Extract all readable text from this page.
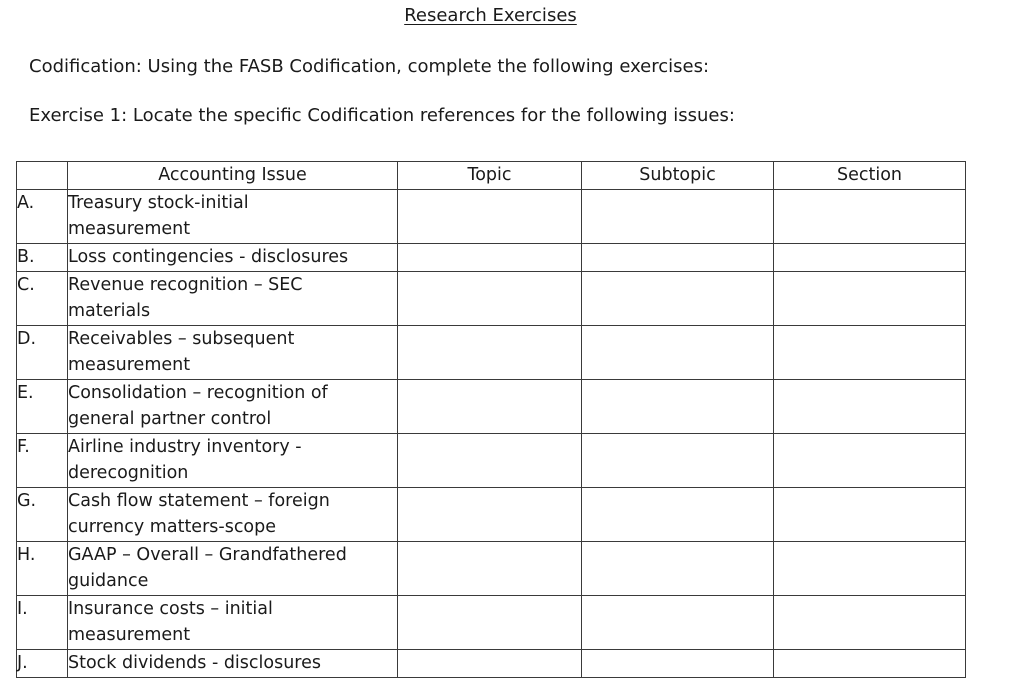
Research Exercises
Codification: Using the FASB Codification, complete the following exercises:
Exercise 1: Locate the specific Codification references for the following issues:
	Accounting Issue	Topic	Subtopic	Section
A.	Treasury stock-initial measurement			

B.	Loss contingencies - disclosures			

C.	Revenue recognition – SEC materials			

D.	Receivables – subsequent measurement			

E.	Consolidation – recognition of general partner control			

F.	Airline industry inventory - derecognition			

G.	Cash flow statement – foreign currency matters-scope			

H.	GAAP – Overall – Grandfathered guidance			

I.	Insurance costs – initial measurement			

J.	Stock dividends - disclosures			
